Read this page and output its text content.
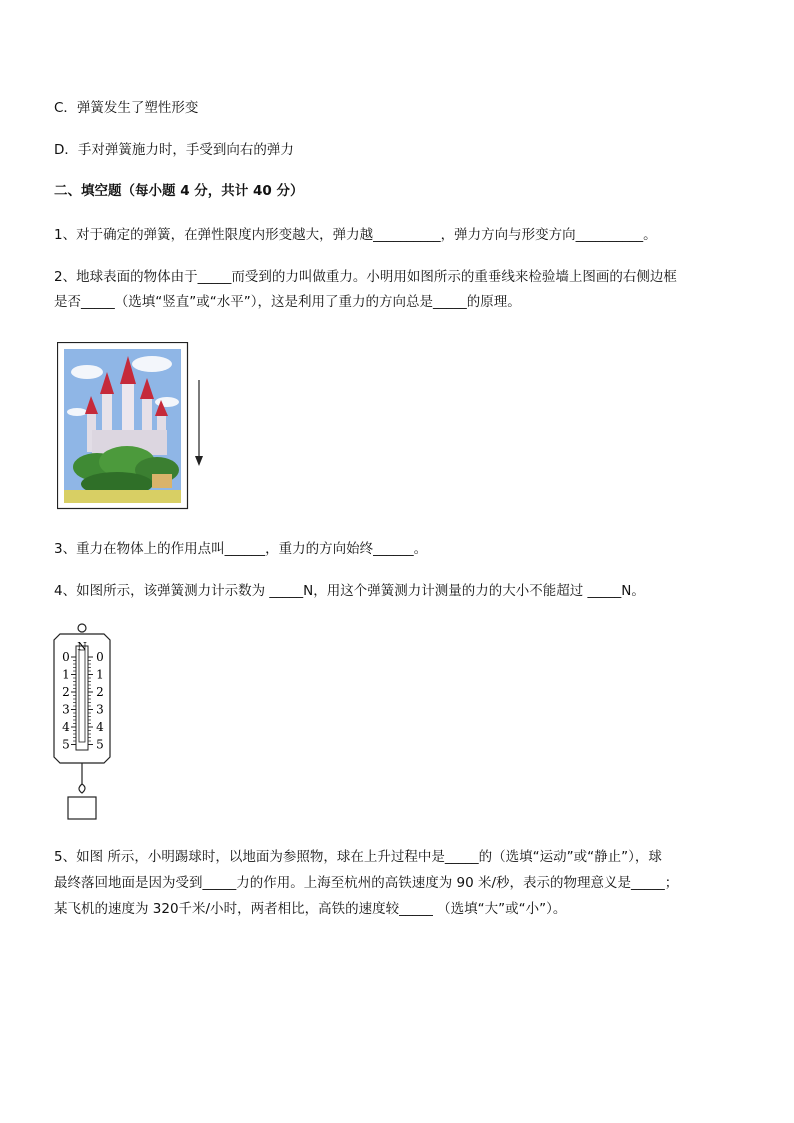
C．弹簧发生了塑性形变
D．手对弹簧施力时，手受到向右的弹力
二、填空题（每小题 4 分，共计 40 分）
1、对于确定的弹簧，在弹性限度内形变越大，弹力越__________，弹力方向与形变方向__________。
2、地球表面的物体由于_____而受到的力叫做重力。小明用如图所示的重垂线来检验墙上图画的右侧边框
是否_____（选填“竖直”或“水平”），这是利用了重力的方向总是_____的原理。
3、重力在物体上的作用点叫______，重力的方向始终______。
4、如图所示，该弹簧测力计示数为 _____N，用这个弹簧测力计测量的力的大小不能超过 _____N。
N
0 0
1 1
2 2
3 3
4 4
5 5
5、如图 所示，小明踢球时，以地面为参照物，球在上升过程中是_____的（选填“运动”或“静止”），球
最终落回地面是因为受到_____力的作用。上海至杭州的高铁速度为 90 米/秒，表示的物理意义是_____；
某飞机的速度为 320千米/小时，两者相比，高铁的速度较_____ （选填“大”或“小”）。
